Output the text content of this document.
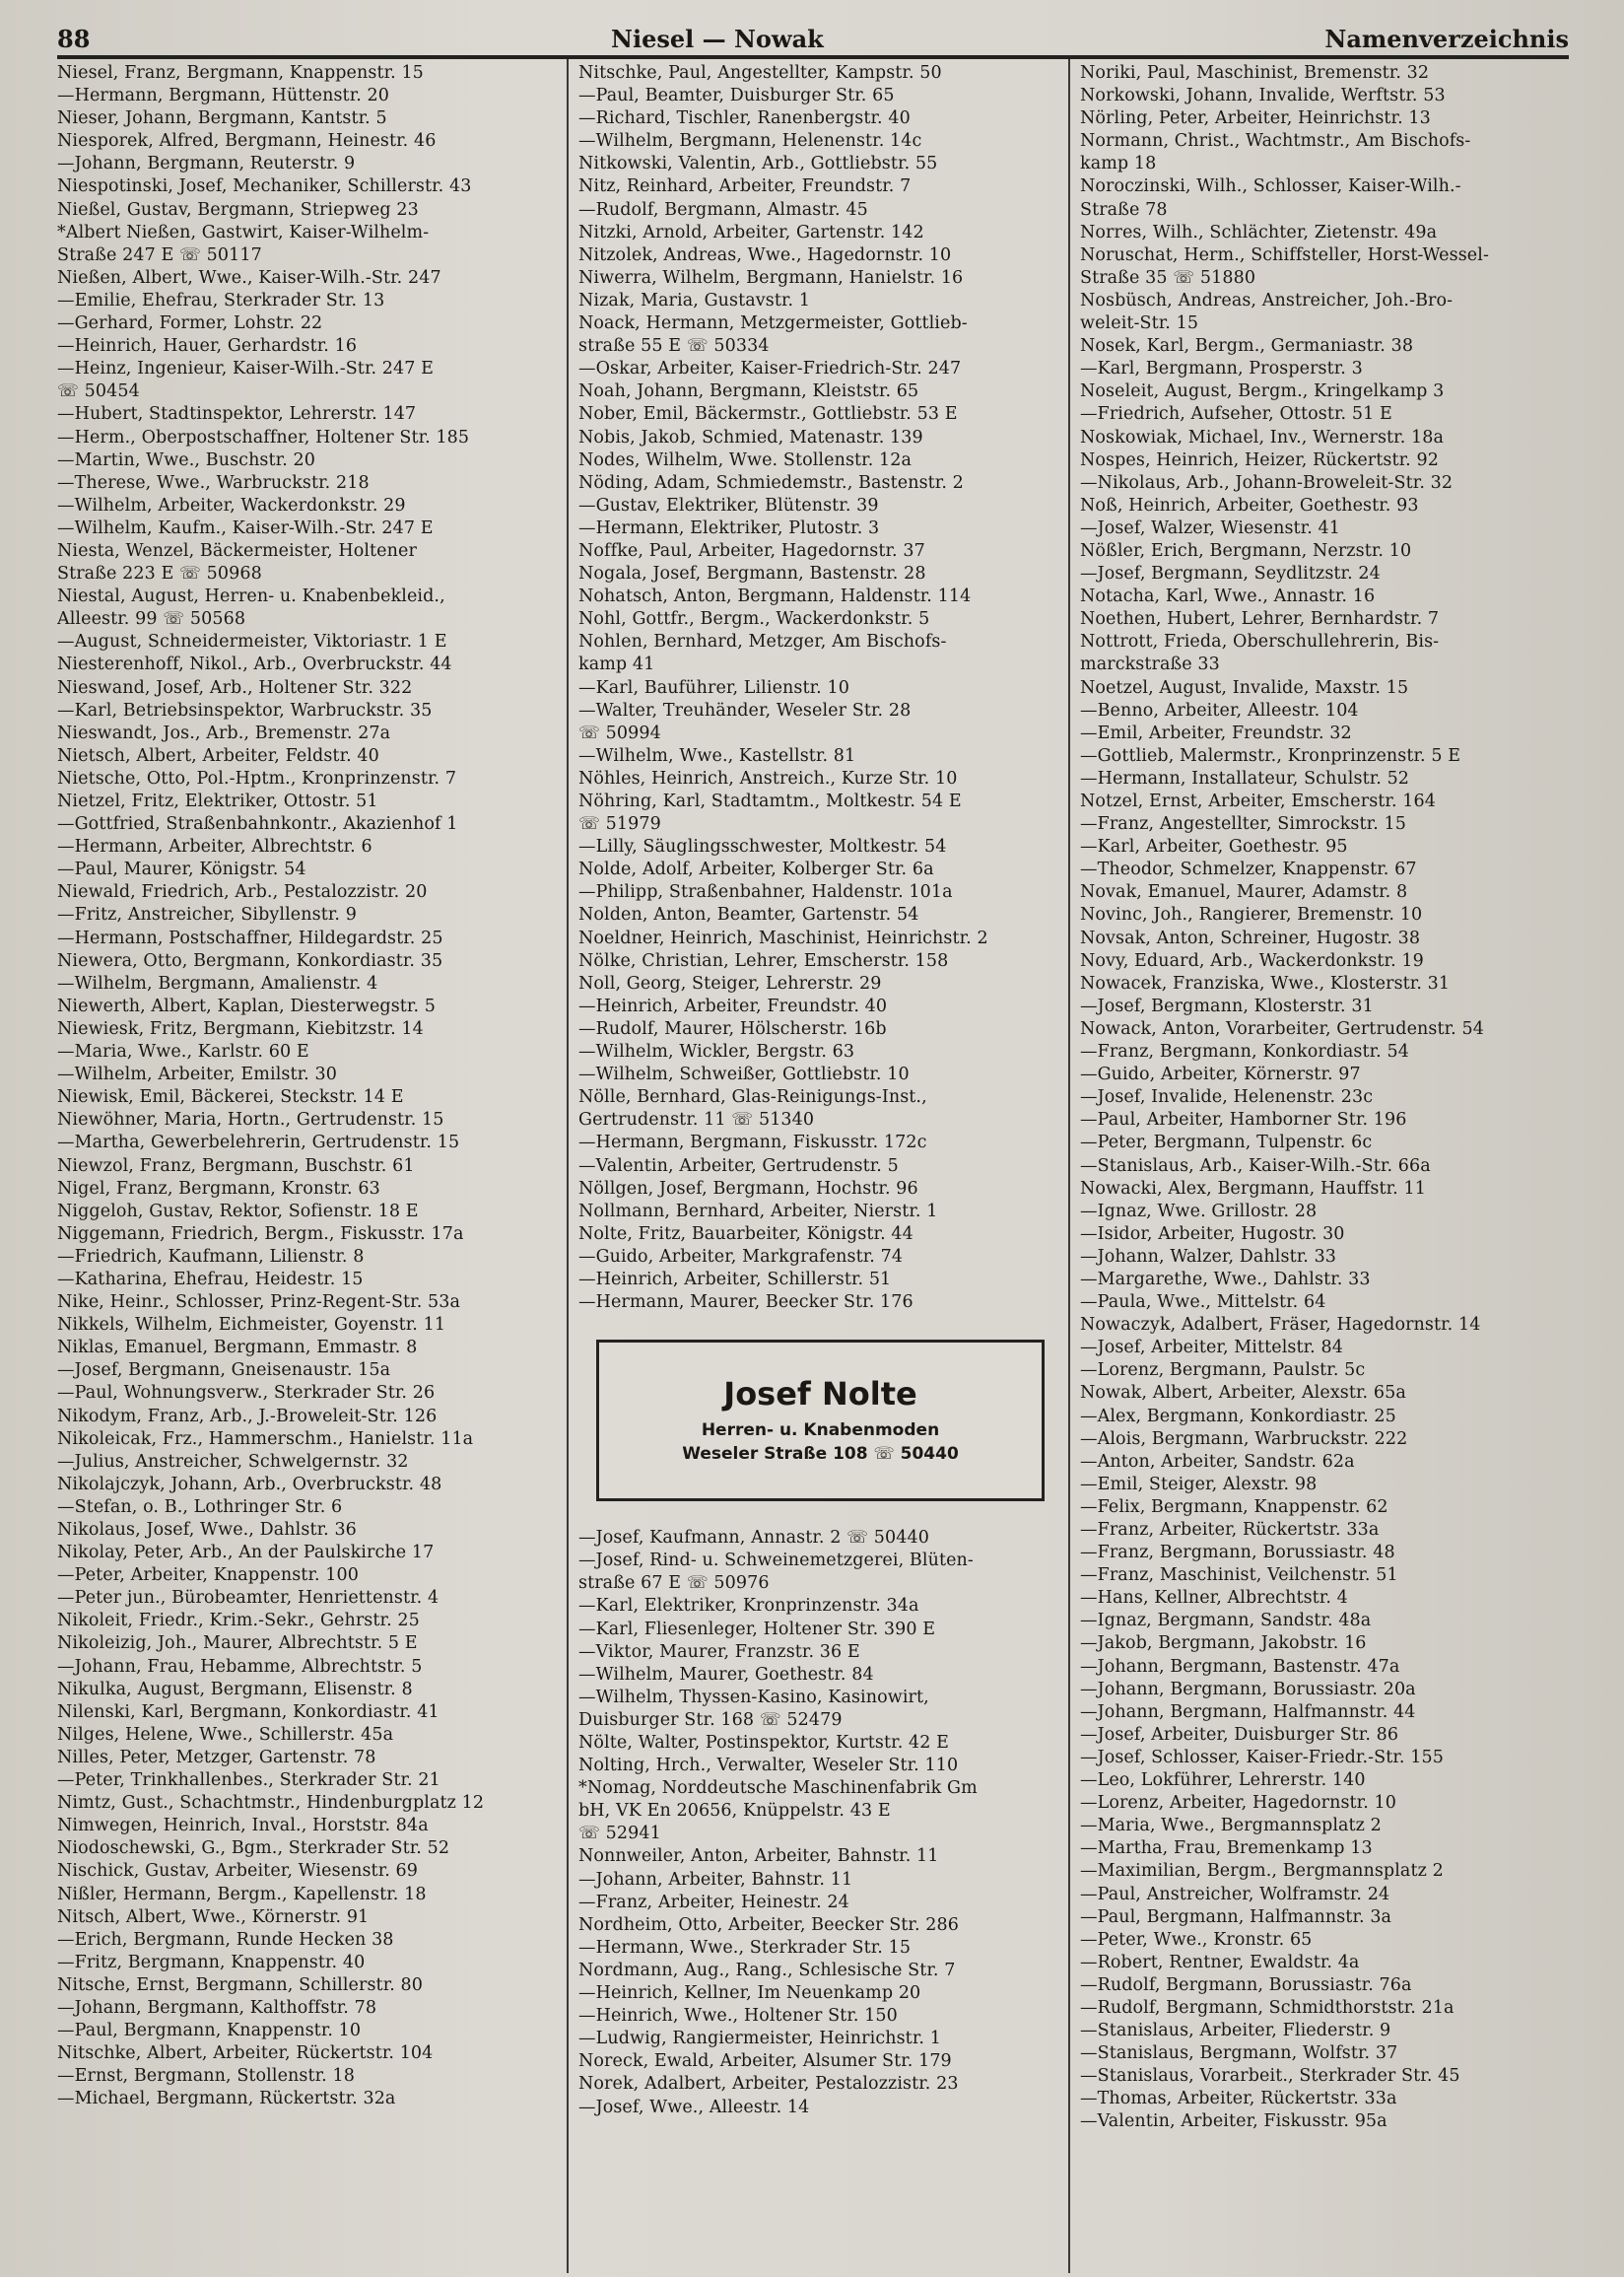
88	Niesel — Nowak	Namenverzeichnis
Niesel, Franz, Bergmann, Knappenstr. 15
—Hermann, Bergmann, Hüttenstr. 20
Nieser, Johann, Bergmann, Kantstr. 5
Niesporek, Alfred, Bergmann, Heinestr. 46
—Johann, Bergmann, Reuterstr. 9
Niespotinski, Josef, Mechaniker, Schillerstr. 43
Nießel, Gustav, Bergmann, Striepweg 23
*Albert Nießen, Gastwirt, Kaiser-Wilhelm-
Straße 247 E ☏ 50117
Nießen, Albert, Wwe., Kaiser-Wilh.-Str. 247
—Emilie, Ehefrau, Sterkrader Str. 13
—Gerhard, Former, Lohstr. 22
—Heinrich, Hauer, Gerhardstr. 16
—Heinz, Ingenieur, Kaiser-Wilh.-Str. 247 E
☏ 50454
—Hubert, Stadtinspektor, Lehrerstr. 147
—Herm., Oberpostschaffner, Holtener Str. 185
—Martin, Wwe., Buschstr. 20
—Therese, Wwe., Warbruckstr. 218
—Wilhelm, Arbeiter, Wackerdonkstr. 29
—Wilhelm, Kaufm., Kaiser-Wilh.-Str. 247 E
Niesta, Wenzel, Bäckermeister, Holtener
Straße 223 E ☏ 50968
Niestal, August, Herren- u. Knabenbekleid.,
Alleestr. 99 ☏ 50568
—August, Schneidermeister, Viktoriastr. 1 E
Niesterenhoff, Nikol., Arb., Overbruckstr. 44
Nieswand, Josef, Arb., Holtener Str. 322
—Karl, Betriebsinspektor, Warbruckstr. 35
Nieswandt, Jos., Arb., Bremenstr. 27a
Nietsch, Albert, Arbeiter, Feldstr. 40
Nietsche, Otto, Pol.-Hptm., Kronprinzenstr. 7
Nietzel, Fritz, Elektriker, Ottostr. 51
—Gottfried, Straßenbahnkontr., Akazienhof 1
—Hermann, Arbeiter, Albrechtstr. 6
—Paul, Maurer, Königstr. 54
Niewald, Friedrich, Arb., Pestalozzistr. 20
—Fritz, Anstreicher, Sibyllenstr. 9
—Hermann, Postschaffner, Hildegardstr. 25
Niewera, Otto, Bergmann, Konkordiastr. 35
—Wilhelm, Bergmann, Amalienstr. 4
Niewerth, Albert, Kaplan, Diesterwegstr. 5
Niewiesk, Fritz, Bergmann, Kiebitzstr. 14
—Maria, Wwe., Karlstr. 60 E
—Wilhelm, Arbeiter, Emilstr. 30
Niewisk, Emil, Bäckerei, Steckstr. 14 E
Niewöhner, Maria, Hortn., Gertrudenstr. 15
—Martha, Gewerbelehrerin, Gertrudenstr. 15
Niewzol, Franz, Bergmann, Buschstr. 61
Nigel, Franz, Bergmann, Kronstr. 63
Niggeloh, Gustav, Rektor, Sofienstr. 18 E
Niggemann, Friedrich, Bergm., Fiskusstr. 17a
—Friedrich, Kaufmann, Lilienstr. 8
—Katharina, Ehefrau, Heidestr. 15
Nike, Heinr., Schlosser, Prinz-Regent-Str. 53a
Nikkels, Wilhelm, Eichmeister, Goyenstr. 11
Niklas, Emanuel, Bergmann, Emmastr. 8
—Josef, Bergmann, Gneisenaustr. 15a
—Paul, Wohnungsverw., Sterkrader Str. 26
Nikodym, Franz, Arb., J.-Broweleit-Str. 126
Nikoleicak, Frz., Hammerschm., Hanielstr. 11a
—Julius, Anstreicher, Schwelgernstr. 32
Nikolajczyk, Johann, Arb., Overbruckstr. 48
—Stefan, o. B., Lothringer Str. 6
Nikolaus, Josef, Wwe., Dahlstr. 36
Nikolay, Peter, Arb., An der Paulskirche 17
—Peter, Arbeiter, Knappenstr. 100
—Peter jun., Bürobeamter, Henriettenstr. 4
Nikoleit, Friedr., Krim.-Sekr., Gehrstr. 25
Nikoleizig, Joh., Maurer, Albrechtstr. 5 E
—Johann, Frau, Hebamme, Albrechtstr. 5
Nikulka, August, Bergmann, Elisenstr. 8
Nilenski, Karl, Bergmann, Konkordiastr. 41
Nilges, Helene, Wwe., Schillerstr. 45a
Nilles, Peter, Metzger, Gartenstr. 78
—Peter, Trinkhallenbes., Sterkrader Str. 21
Nimtz, Gust., Schachtmstr., Hindenburgplatz 12
Nimwegen, Heinrich, Inval., Horststr. 84a
Niodoschewski, G., Bgm., Sterkrader Str. 52
Nischick, Gustav, Arbeiter, Wiesenstr. 69
Nißler, Hermann, Bergm., Kapellenstr. 18
Nitsch, Albert, Wwe., Körnerstr. 91
—Erich, Bergmann, Runde Hecken 38
—Fritz, Bergmann, Knappenstr. 40
Nitsche, Ernst, Bergmann, Schillerstr. 80
—Johann, Bergmann, Kalthoffstr. 78
—Paul, Bergmann, Knappenstr. 10
Nitschke, Albert, Arbeiter, Rückertstr. 104
—Ernst, Bergmann, Stollenstr. 18
—Michael, Bergmann, Rückertstr. 32a
Nitschke, Paul, Angestellter, Kampstr. 50
—Paul, Beamter, Duisburger Str. 65
—Richard, Tischler, Ranenbergstr. 40
—Wilhelm, Bergmann, Helenenstr. 14c
Nitkowski, Valentin, Arb., Gottliebstr. 55
Nitz, Reinhard, Arbeiter, Freundstr. 7
—Rudolf, Bergmann, Almastr. 45
Nitzki, Arnold, Arbeiter, Gartenstr. 142
Nitzolek, Andreas, Wwe., Hagedornstr. 10
Niwerra, Wilhelm, Bergmann, Hanielstr. 16
Nizak, Maria, Gustavstr. 1
Noack, Hermann, Metzgermeister, Gottlieb-
straße 55 E ☏ 50334
—Oskar, Arbeiter, Kaiser-Friedrich-Str. 247
Noah, Johann, Bergmann, Kleiststr. 65
Nober, Emil, Bäckermstr., Gottliebstr. 53 E
Nobis, Jakob, Schmied, Matenastr. 139
Nodes, Wilhelm, Wwe. Stollenstr. 12a
Nöding, Adam, Schmiedemstr., Bastenstr. 2
—Gustav, Elektriker, Blütenstr. 39
—Hermann, Elektriker, Plutostr. 3
Noffke, Paul, Arbeiter, Hagedornstr. 37
Nogala, Josef, Bergmann, Bastenstr. 28
Nohatsch, Anton, Bergmann, Haldenstr. 114
Nohl, Gottfr., Bergm., Wackerdonkstr. 5
Nohlen, Bernhard, Metzger, Am Bischofs-
kamp 41
—Karl, Bauführer, Lilienstr. 10
—Walter, Treuhänder, Weseler Str. 28
☏ 50994
—Wilhelm, Wwe., Kastellstr. 81
Nöhles, Heinrich, Anstreich., Kurze Str. 10
Nöhring, Karl, Stadtamtm., Moltkestr. 54 E
☏ 51979
—Lilly, Säuglingsschwester, Moltkestr. 54
Nolde, Adolf, Arbeiter, Kolberger Str. 6a
—Philipp, Straßenbahner, Haldenstr. 101a
Nolden, Anton, Beamter, Gartenstr. 54
Noeldner, Heinrich, Maschinist, Heinrichstr. 2
Nölke, Christian, Lehrer, Emscherstr. 158
Noll, Georg, Steiger, Lehrerstr. 29
—Heinrich, Arbeiter, Freundstr. 40
—Rudolf, Maurer, Hölscherstr. 16b
—Wilhelm, Wickler, Bergstr. 63
—Wilhelm, Schweißer, Gottliebstr. 10
Nölle, Bernhard, Glas-Reinigungs-Inst.,
Gertrudenstr. 11 ☏ 51340
—Hermann, Bergmann, Fiskusstr. 172c
—Valentin, Arbeiter, Gertrudenstr. 5
Nöllgen, Josef, Bergmann, Hochstr. 96
Nollmann, Bernhard, Arbeiter, Nierstr. 1
Nolte, Fritz, Bauarbeiter, Königstr. 44
—Guido, Arbeiter, Markgrafenstr. 74
—Heinrich, Arbeiter, Schillerstr. 51
—Hermann, Maurer, Beecker Str. 176
Josef Nolte
Herren- u. Knabenmoden
Weseler Straße 108 ☏ 50440
—Josef, Kaufmann, Annastr. 2 ☏ 50440
—Josef, Rind- u. Schweinemetzgerei, Blüten-
straße 67 E ☏ 50976
—Karl, Elektriker, Kronprinzenstr. 34a
—Karl, Fliesenleger, Holtener Str. 390 E
—Viktor, Maurer, Franzstr. 36 E
—Wilhelm, Maurer, Goethestr. 84
—Wilhelm, Thyssen-Kasino, Kasinowirt,
Duisburger Str. 168 ☏ 52479
Nölte, Walter, Postinspektor, Kurtstr. 42 E
Nolting, Hrch., Verwalter, Weseler Str. 110
*Nomag, Norddeutsche Maschinenfabrik Gm
bH, VK En 20656, Knüppelstr. 43 E
☏ 52941
Nonnweiler, Anton, Arbeiter, Bahnstr. 11
—Johann, Arbeiter, Bahnstr. 11
—Franz, Arbeiter, Heinestr. 24
Nordheim, Otto, Arbeiter, Beecker Str. 286
—Hermann, Wwe., Sterkrader Str. 15
Nordmann, Aug., Rang., Schlesische Str. 7
—Heinrich, Kellner, Im Neuenkamp 20
—Heinrich, Wwe., Holtener Str. 150
—Ludwig, Rangiermeister, Heinrichstr. 1
Noreck, Ewald, Arbeiter, Alsumer Str. 179
Norek, Adalbert, Arbeiter, Pestalozzistr. 23
—Josef, Wwe., Alleestr. 14
Noriki, Paul, Maschinist, Bremenstr. 32
Norkowski, Johann, Invalide, Werftstr. 53
Nörling, Peter, Arbeiter, Heinrichstr. 13
Normann, Christ., Wachtmstr., Am Bischofs-
kamp 18
Noroczinski, Wilh., Schlosser, Kaiser-Wilh.-
Straße 78
Norres, Wilh., Schlächter, Zietenstr. 49a
Noruschat, Herm., Schiffsteller, Horst-Wessel-
Straße 35 ☏ 51880
Nosbüsch, Andreas, Anstreicher, Joh.-Bro-
weleit-Str. 15
Nosek, Karl, Bergm., Germaniastr. 38
—Karl, Bergmann, Prosperstr. 3
Noseleit, August, Bergm., Kringelkamp 3
—Friedrich, Aufseher, Ottostr. 51 E
Noskowiak, Michael, Inv., Wernerstr. 18a
Nospes, Heinrich, Heizer, Rückertstr. 92
—Nikolaus, Arb., Johann-Broweleit-Str. 32
Noß, Heinrich, Arbeiter, Goethestr. 93
—Josef, Walzer, Wiesenstr. 41
Nößler, Erich, Bergmann, Nerzstr. 10
—Josef, Bergmann, Seydlitzstr. 24
Notacha, Karl, Wwe., Annastr. 16
Noethen, Hubert, Lehrer, Bernhardstr. 7
Nottrott, Frieda, Oberschullehrerin, Bis-
marckstraße 33
Noetzel, August, Invalide, Maxstr. 15
—Benno, Arbeiter, Alleestr. 104
—Emil, Arbeiter, Freundstr. 32
—Gottlieb, Malermstr., Kronprinzenstr. 5 E
—Hermann, Installateur, Schulstr. 52
Notzel, Ernst, Arbeiter, Emscherstr. 164
—Franz, Angestellter, Simrockstr. 15
—Karl, Arbeiter, Goethestr. 95
—Theodor, Schmelzer, Knappenstr. 67
Novak, Emanuel, Maurer, Adamstr. 8
Novinc, Joh., Rangierer, Bremenstr. 10
Novsak, Anton, Schreiner, Hugostr. 38
Novy, Eduard, Arb., Wackerdonkstr. 19
Nowacek, Franziska, Wwe., Klosterstr. 31
—Josef, Bergmann, Klosterstr. 31
Nowack, Anton, Vorarbeiter, Gertrudenstr. 54
—Franz, Bergmann, Konkordiastr. 54
—Guido, Arbeiter, Körnerstr. 97
—Josef, Invalide, Helenenstr. 23c
—Paul, Arbeiter, Hamborner Str. 196
—Peter, Bergmann, Tulpenstr. 6c
—Stanislaus, Arb., Kaiser-Wilh.-Str. 66a
Nowacki, Alex, Bergmann, Hauffstr. 11
—Ignaz, Wwe. Grillostr. 28
—Isidor, Arbeiter, Hugostr. 30
—Johann, Walzer, Dahlstr. 33
—Margarethe, Wwe., Dahlstr. 33
—Paula, Wwe., Mittelstr. 64
Nowaczyk, Adalbert, Fräser, Hagedornstr. 14
—Josef, Arbeiter, Mittelstr. 84
—Lorenz, Bergmann, Paulstr. 5c
Nowak, Albert, Arbeiter, Alexstr. 65a
—Alex, Bergmann, Konkordiastr. 25
—Alois, Bergmann, Warbruckstr. 222
—Anton, Arbeiter, Sandstr. 62a
—Emil, Steiger, Alexstr. 98
—Felix, Bergmann, Knappenstr. 62
—Franz, Arbeiter, Rückertstr. 33a
—Franz, Bergmann, Borussiastr. 48
—Franz, Maschinist, Veilchenstr. 51
—Hans, Kellner, Albrechtstr. 4
—Ignaz, Bergmann, Sandstr. 48a
—Jakob, Bergmann, Jakobstr. 16
—Johann, Bergmann, Bastenstr. 47a
—Johann, Bergmann, Borussiastr. 20a
—Johann, Bergmann, Halfmannstr. 44
—Josef, Arbeiter, Duisburger Str. 86
—Josef, Schlosser, Kaiser-Friedr.-Str. 155
—Leo, Lokführer, Lehrerstr. 140
—Lorenz, Arbeiter, Hagedornstr. 10
—Maria, Wwe., Bergmannsplatz 2
—Martha, Frau, Bremenkamp 13
—Maximilian, Bergm., Bergmannsplatz 2
—Paul, Anstreicher, Wolframstr. 24
—Paul, Bergmann, Halfmannstr. 3a
—Peter, Wwe., Kronstr. 65
—Robert, Rentner, Ewaldstr. 4a
—Rudolf, Bergmann, Borussiastr. 76a
—Rudolf, Bergmann, Schmidthorststr. 21a
—Stanislaus, Arbeiter, Fliederstr. 9
—Stanislaus, Bergmann, Wolfstr. 37
—Stanislaus, Vorarbeit., Sterkrader Str. 45
—Thomas, Arbeiter, Rückertstr. 33a
—Valentin, Arbeiter, Fiskusstr. 95a
